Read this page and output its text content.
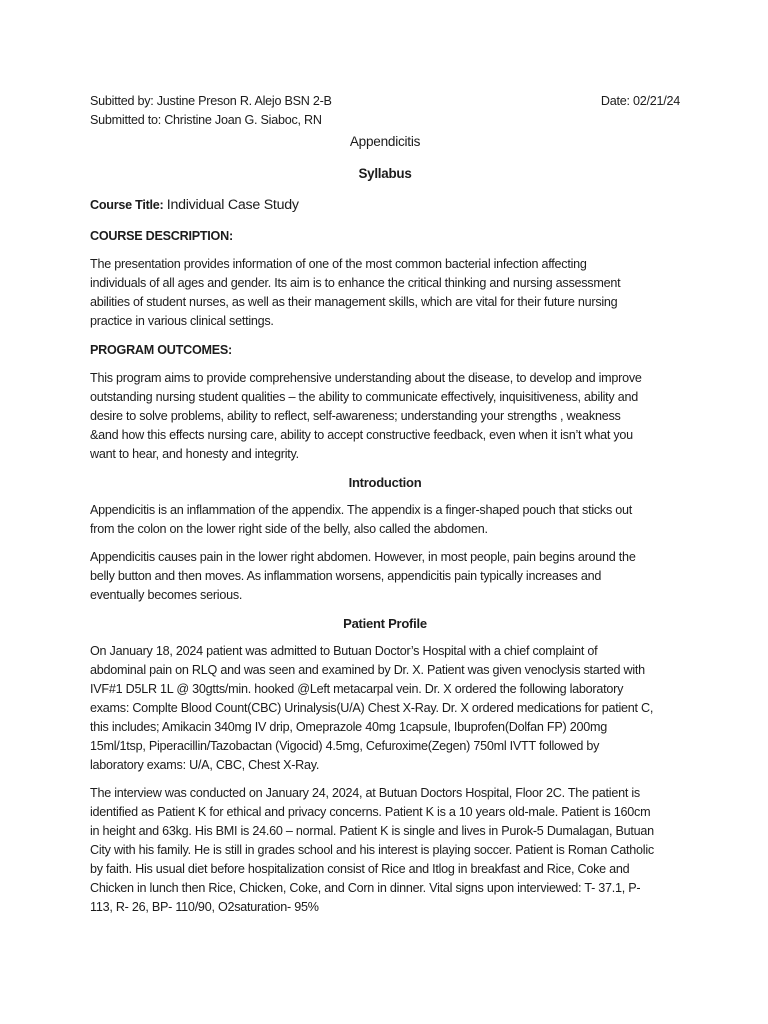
Subitted by: Justine Preson R. Alejo BSN 2-B	Date: 02/21/24
Submitted to: Christine Joan G. Siaboc, RN
Appendicitis
Syllabus
Course Title: Individual Case Study
COURSE DESCRIPTION:

The presentation provides information of one of the most common bacterial infection affecting
individuals of all ages and gender. Its aim is to enhance the critical thinking and nursing assessment
abilities of student nurses, as well as their management skills, which are vital for their future nursing
practice in various clinical settings.

PROGRAM OUTCOMES:

This program aims to provide comprehensive understanding about the disease, to develop and improve
outstanding nursing student qualities – the ability to communicate effectively, inquisitiveness, ability and
desire to solve problems, ability to reflect, self-awareness; understanding your strengths , weakness
&and how this effects nursing care, ability to accept constructive feedback, even when it isn’t what you
want to hear, and honesty and integrity.

Introduction

Appendicitis is an inflammation of the appendix. The appendix is a finger-shaped pouch that sticks out
from the colon on the lower right side of the belly, also called the abdomen.

Appendicitis causes pain in the lower right abdomen. However, in most people, pain begins around the
belly button and then moves. As inflammation worsens, appendicitis pain typically increases and
eventually becomes serious.

Patient Profile

On January 18, 2024 patient was admitted to Butuan Doctor’s Hospital with a chief complaint of
abdominal pain on RLQ and was seen and examined by Dr. X. Patient was given venoclysis started with
IVF#1 D5LR 1L @ 30gtts/min. hooked @Left metacarpal vein. Dr. X ordered the following laboratory
exams: Complte Blood Count(CBC) Urinalysis(U/A) Chest X-Ray. Dr. X ordered medications for patient C,
this includes; Amikacin 340mg IV drip, Omeprazole 40mg 1capsule, Ibuprofen(Dolfan FP) 200mg
15ml/1tsp, Piperacillin/Tazobactan (Vigocid) 4.5mg, Cefuroxime(Zegen) 750ml IVTT followed by
laboratory exams: U/A, CBC, Chest X-Ray.

The interview was conducted on January 24, 2024, at Butuan Doctors Hospital, Floor 2C. The patient is
identified as Patient K for ethical and privacy concerns. Patient K is a 10 years old-male. Patient is 160cm
in height and 63kg. His BMI is 24.60 – normal. Patient K is single and lives in Purok-5 Dumalagan, Butuan
City with his family. He is still in grades school and his interest is playing soccer. Patient is Roman Catholic
by faith. His usual diet before hospitalization consist of Rice and Itlog in breakfast and Rice, Coke and
Chicken in lunch then Rice, Chicken, Coke, and Corn in dinner. Vital signs upon interviewed: T- 37.1, P-
113, R- 26, BP- 110/90, O2saturation- 95%
